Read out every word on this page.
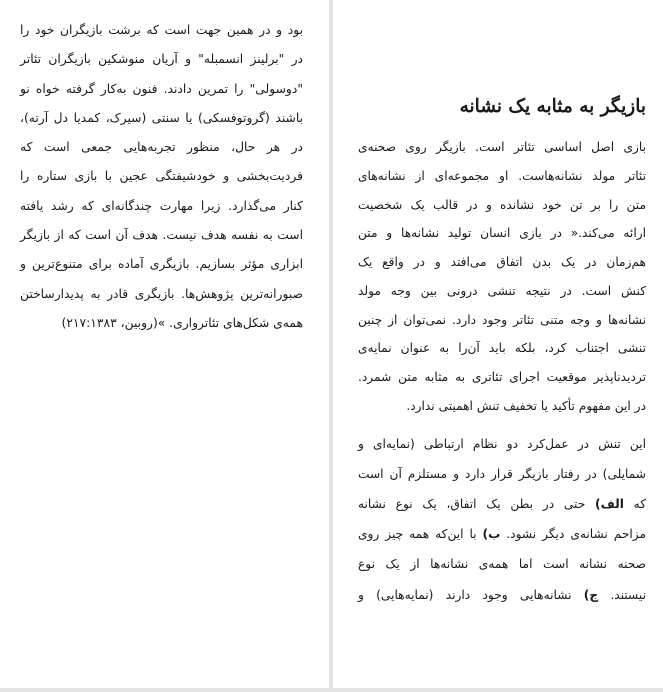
بود و در همین جهت است که برشت بازیگران خود را
در "برلینز انسمبله" و آریان منوشکین بازیگران تئاتر
"دوسولی" را تمرین دادند. فنون به‌کار گرفته خواه نو
باشند (گروتوفسکی) یا سنتی (سیرک، کمدیا دل آرته)،
در هر حال، منظور تجربه‌هایی جمعی است که
فردیت‌بخشی و خودشیفتگی عجین با بازی ستاره را
کنار می‌گذارد. زیرا مهارت چندگانه‌ای که رشد یافته
است به نفسه هدف نیست. هدف آن است که از بازیگر
ابزاری مؤثر بسازیم. بازیگری آماده برای متنوع‌ترین و
صبورانه‌ترین پژوهش‌ها. بازیگری قادر به پدیدارساختن
همه‌ی شکل‌های تئاترواری. »(روبین، ۲۱۷:۱۳۸۳)

بازیگر به مثابه یک نشانه

بازی اصل اساسی تئاتر است. بازیگر روی صحنه‌ی
تئاتر مولد نشانه‌هاست. او مجموعه‌ای از نشانه‌های
متن را بر تن خود نشانده و در قالب یک شخصیت
ارائه می‌کند.« در بازی انسان تولید نشانه‌ها و متن
هم‌زمان در یک بدن اتفاق می‌افتد و در واقع یک
کنش است. در نتیجه تنشی درونی بین وجه مولد
نشانه‌ها و وجه متنی تئاتر وجود دارد. نمی‌توان از چنین
تنشی اجتناب کرد، بلکه باید آن‌را به عنوان نمایه‌ی
تردیدناپذیر موقعیت اجرای تئاتری به مثابه متن شمرد.
در این مفهوم تأکید یا تخفیف تنش اهمیتی ندارد.

این تنش در عمل‌کرد دو نظام ارتباطی (نمایه‌ای و
شمایلی) در رفتار بازیگر قرار دارد و مستلزم آن است
که الف) حتی در بطن یک اتفاق، یک نوع نشانه
مزاحم نشانه‌ی دیگر نشود. ب) با این‌که همه چیز روی
صحنه نشانه است اما همه‌ی نشانه‌ها از یک نوع
نیستند. ج) نشانه‌هایی وجود دارند (نمایه‌هایی) و
